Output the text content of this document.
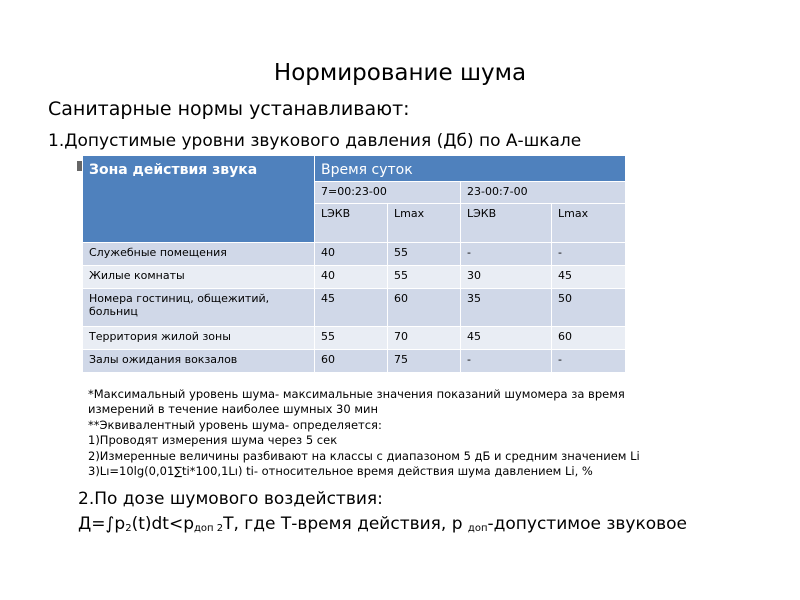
Нормирование шума
Санитарные нормы устанавливают:
1.Допустимые уровни звукового давления (Дб) по А-шкале
Зона действия звука	Время суток			
	7=00:23-00		23-00:7-00	
	LЭКВ	Lmax	LЭКВ	Lmax
Служебные помещения	40	55	-	-
Жилые комнаты	40	55	30	45
Номера гостиниц, общежитий, больниц	45	60	35	50
Территория жилой зоны	55	70	45	60
Залы ожидания вокзалов	60	75	-	-
*Максимальный уровень шума- максимальные значения показаний шумомера за время
измерений в течение наиболее шумных 30 мин
**Эквивалентный уровень шума- определяется:
1)Проводят измерения шума через 5 сек
2)Измеренные величины разбивают на классы с диапазоном 5 дБ и средним значением Li
3)Lı=10lg(0,01∑ti*100,1Lı) ti- относительное время действия шума давлением Li, %
2.По дозе шумового воздействия:
$Д=\int p_2(t)dt<p_{доп 2}T$, где Т-время действия, р $_{доп}$-допустимое звуковое
